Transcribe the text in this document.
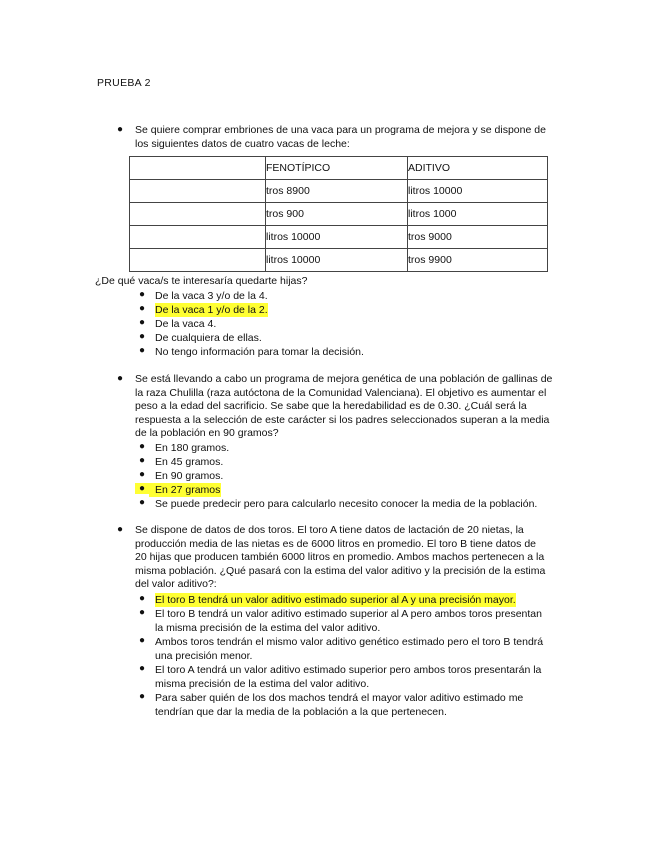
PRUEBA 2
●	Se quiere comprar embriones de una vaca para un programa de mejora y se dispone de
los siguientes datos de cuatro vacas de leche:
	FENOTÍPICO	ADITIVO
	tros 8900	litros 10000
	tros 900	litros 1000
	litros 10000	tros 9000
	litros 10000	tros 9900
¿De qué vaca/s te interesaría quedarte hijas?
● De la vaca 3 y/o de la 4.
● De la vaca 1 y/o de la 2.
● De la vaca 4.
● De cualquiera de ellas.
● No tengo información para tomar la decisión.
●	Se está llevando a cabo un programa de mejora genética de una población de gallinas de
la raza Chulilla (raza autóctona de la Comunidad Valenciana). El objetivo es aumentar el
peso a la edad del sacrificio. Se sabe que la heredabilidad es de 0.30. ¿Cuál será la
respuesta a la selección de este carácter si los padres seleccionados superan a la media
de la población en 90 gramos?
● En 180 gramos.
● En 45 gramos.
● En 90 gramos.
● En 27 gramos
● Se puede predecir pero para calcularlo necesito conocer la media de la población.
●	Se dispone de datos de dos toros. El toro A tiene datos de lactación de 20 nietas, la
producción media de las nietas es de 6000 litros en promedio. El toro B tiene datos de
20 hijas que producen también 6000 litros en promedio. Ambos machos pertenecen a la
misma población. ¿Qué pasará con la estima del valor aditivo y la precisión de la estima
del valor aditivo?:
● El toro B tendrá un valor aditivo estimado superior al A y una precisión mayor.
● El toro B tendrá un valor aditivo estimado superior al A pero ambos toros presentan
la misma precisión de la estima del valor aditivo.
● Ambos toros tendrán el mismo valor aditivo genético estimado pero el toro B tendrá
una precisión menor.
● El toro A tendrá un valor aditivo estimado superior pero ambos toros presentarán la
misma precisión de la estima del valor aditivo.
● Para saber quién de los dos machos tendrá el mayor valor aditivo estimado me
tendrían que dar la media de la población a la que pertenecen.
